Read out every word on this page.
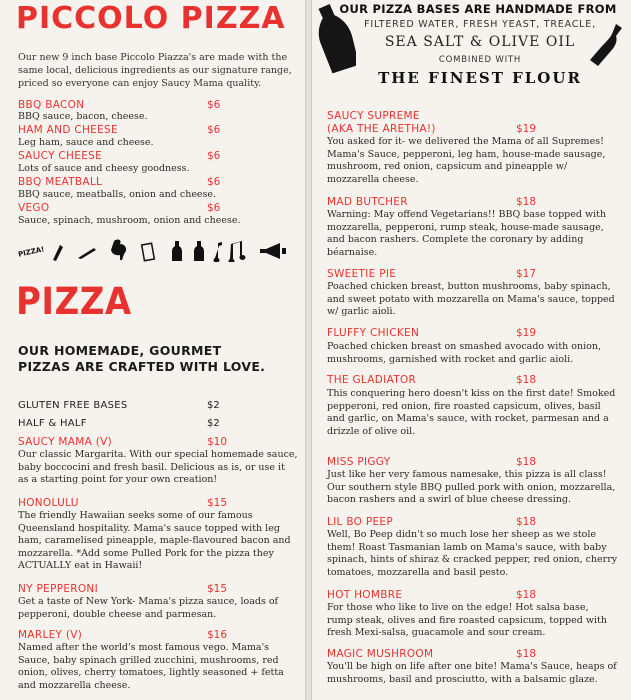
PICCOLO PIZZA
Our new 9 inch base Piccolo Piazza's are made with the same local, delicious ingredients as our signature range, priced so everyone can enjoy Saucy Mama quality.
BBQ BACON	$6
BBQ sauce, bacon, cheese.
HAM AND CHEESE	$6
Leg ham, sauce and cheese.
SAUCY CHEESE	$6
Lots of sauce and cheesy goodness.
BBQ MEATBALL	$6
BBQ sauce, meatballs, onion and cheese.
VEGO	$6
Sauce, spinach, mushroom, onion and cheese.
PIZZA!
PIZZA
OUR HOMEMADE, GOURMET PIZZAS ARE CRAFTED WITH LOVE.
GLUTEN FREE BASES	$2
HALF & HALF	$2
SAUCY MAMA (V)	$10
Our classic Margarita. With our special homemade sauce, baby boccocini and fresh basil. Delicious as is, or use it as a starting point for your own creation!
HONOLULU	$15
The friendly Hawaiian seeks some of our famous Queensland hospitality. Mama's sauce topped with leg ham, caramelised pineapple, maple-flavoured bacon and mozzarella. *Add some Pulled Pork for the pizza they ACTUALLY eat in Hawaii!
NY PEPPERONI	$15
Get a taste of New York- Mama's pizza sauce, loads of pepperoni, double cheese and parmesan.
MARLEY (V)	$16
Named after the world's most famous vego. Mama's Sauce, baby spinach grilled zucchini, mushrooms, red onion, olives, cherry tomatoes, lightly seasoned + fetta and mozzarella cheese.
OUR PIZZA BASES ARE HANDMADE FROM
FILTERED WATER, FRESH YEAST, TREACLE,
SEA SALT & OLIVE OIL
COMBINED WITH
THE FINEST FLOUR
SAUCY SUPREME
(AKA THE ARETHA!)	$19
You asked for it- we delivered the Mama of all Supremes! Mama's Sauce, pepperoni, leg ham, house-made sausage, mushroom, red onion, capsicum and pineapple w/ mozzarella cheese.
MAD BUTCHER	$18
Warning: May offend Vegetarians!! BBQ base topped with mozzarella, pepperoni, rump steak, house-made sausage, and bacon rashers. Complete the coronary by adding béarnaise.
SWEETIE PIE	$17
Poached chicken breast, button mushrooms, baby spinach, and sweet potato with mozzarella on Mama's sauce, topped w/ garlic aioli.
FLUFFY CHICKEN	$19
Poached chicken breast on smashed avocado with onion, mushrooms, garnished with rocket and garlic aioli.
THE GLADIATOR	$18
This conquering hero doesn't kiss on the first date! Smoked pepperoni, red onion, fire roasted capsicum, olives, basil and garlic, on Mama's sauce, with rocket, parmesan and a drizzle of olive oil.
MISS PIGGY	$18
Just like her very famous namesake, this pizza is all class! Our southern style BBQ pulled pork with onion, mozzarella, bacon rashers and a swirl of blue cheese dressing.
LIL BO PEEP	$18
Well, Bo Peep didn't so much lose her sheep as we stole them! Roast Tasmanian lamb on Mama's sauce, with baby spinach, hints of shiraz & cracked pepper, red onion, cherry tomatoes, mozzarella and basil pesto.
HOT HOMBRE	$18
For those who like to live on the edge! Hot salsa base, rump steak, olives and fire roasted capsicum, topped with fresh Mexi-salsa, guacamole and sour cream.
MAGIC MUSHROOM	$18
You'll be high on life after one bite! Mama's Sauce, heaps of mushrooms, basil and prosciutto, with a balsamic glaze.
